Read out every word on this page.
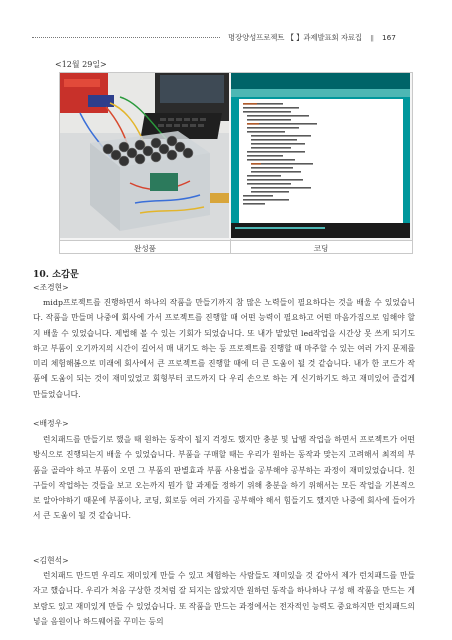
명장양성프로젝트 【 】과제발표회 자료집 ǁ 167
<12월 29일>
완성품	코딩
10. 소감문
<조경현>
midp프로젝트를 진행하면서 하나의 작품을 만들기까지 참 많은 노력들이 필요하다는 것을 배울 수 있었습니다. 작품을 만들며 나중에 회사에 가서 프로젝트를 진행할 때 어떤 능력이 필요하고 어떤 마음가짐으로 임해야 할지 배울 수 있었습니다. 제법해 볼 수 있는 기회가 되었습니다. 또 내가 맡았던 led작업을 시간상 못 쓰게 되기도 하고 부품이 오기까지의 시간이 길어서 매 내기도 하는 등 프로젝트를 진행할 때 마주할 수 있는 여러 가지 문제를 미리 체험해봄으로 미래에 회사에서 큰 프로젝트를 진행할 때에 더 큰 도움이 될 것 같습니다. 내가 한 코드가 작품에 도움이 되는 것이 재미있었고 회형부터 코드까지 다 우리 손으로 하는 게 신기하기도 하고 재미있어 즐겁게 만들었습니다.
<배정우>
런치패드를 만들기로 했을 때 원하는 동작이 될지 걱정도 했지만 충분 및 납땜 작업을 하면서 프로젝트가 어떤 방식으로 진행되는지 배울 수 있었습니다. 부품을 구매할 때는 우리가 원하는 동작과 맞는지 고려해서 최적의 부품을 골라야 하고 부품이 오면 그 부품의 판별효과 부품 사용법을 공부해야 공부하는 과정이 재미있었습니다. 친구들이 작업하는 것들을 보고 오는까지 뭔가 할 과제들 정하기 위해 충분을 하기 위해서는 모든 작업을 기본적으로 알아야하기 때문에 부품이나, 코딩, 회로등 여러 가지를 공부해야 해서 힘들기도 했지만 나중에 회사에 들어가서 큰 도움이 될 것 같습니다.
<김현석>
런치패드 만드면 우리도 재미있게 만들 수 있고 체험하는 사람들도 재미있을 것 같아서 제가 런치패드를 만들자고 했습니다. 우리가 처음 구상한 것처럼 잘 되지는 않았지만 원하던 동작을 하나하나 구성 해 작품을 만드는 게 보람도 있고 재미있게 만들 수 있었습니다. 또 작품을 만드는 과정에서는 전자적인 능력도 중요하지만 런치패드의 넣을 음원이나 하드웨어를 꾸미는 등의
